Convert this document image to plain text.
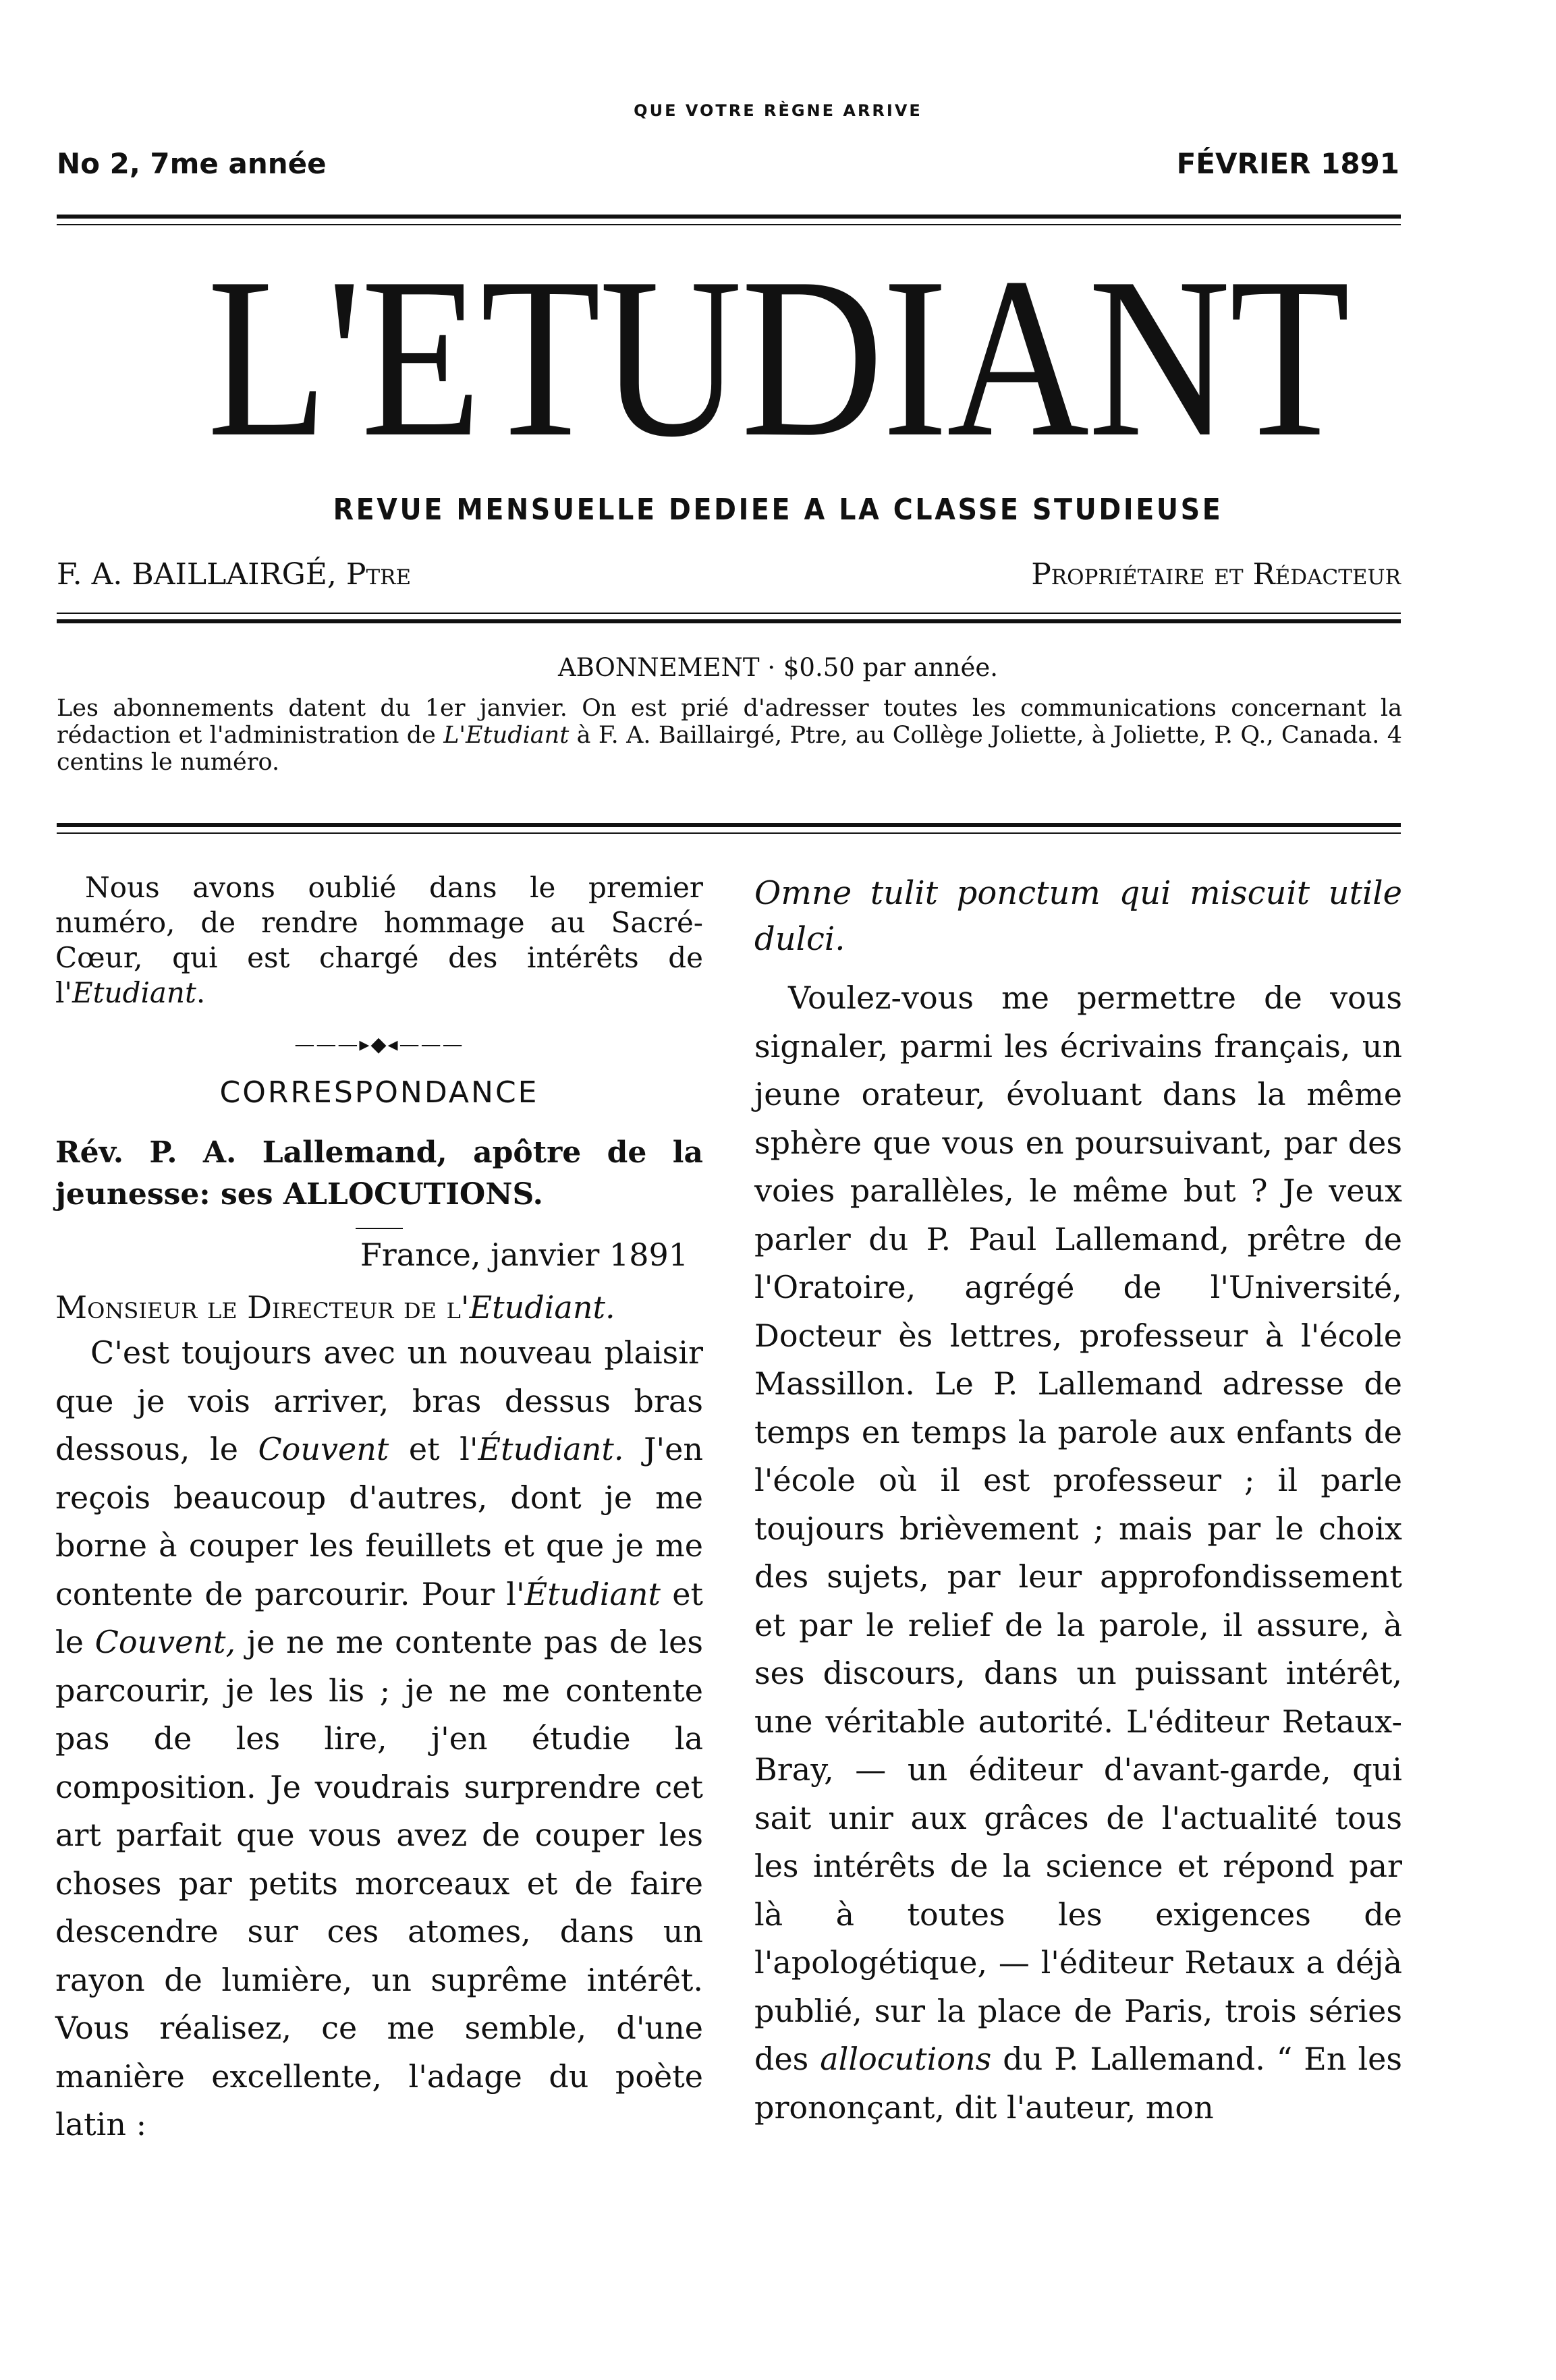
QUE VOTRE RÈGNE ARRIVE
No 2, 7me année	FÉVRIER 1891
L'ETUDIANT
REVUE MENSUELLE DEDIEE A LA CLASSE STUDIEUSE
F. A. BAILLAIRGÉ, Ptre	Propriétaire et Rédacteur
ABONNEMENT · $0.50 par année.
Les abonnements datent du 1er janvier. On est prié d'adresser toutes les communications concernant la rédaction et l'administration de L'Etudiant à F. A. Baillairgé, Ptre, au Collège Joliette, à Joliette, P. Q., Canada. 4 centins le numéro.

Nous avons oublié dans le premier numéro, de rendre hommage au Sacré-Cœur, qui est chargé des intérêts de l'Etudiant.

———▸◆◂———
CORRESPONDANCE

Rév. P. A. Lallemand, apôtre de la jeunesse: ses ALLOCUTIONS.

France, janvier 1891

Monsieur le Directeur de l'Etudiant.

C'est toujours avec un nouveau plaisir que je vois arriver, bras dessus bras dessous, le Couvent et l'Étudiant. J'en reçois beaucoup d'autres, dont je me borne à couper les feuillets et que je me contente de parcourir. Pour l'Étudiant et le Couvent, je ne me contente pas de les parcourir, je les lis ; je ne me contente pas de les lire, j'en étudie la composition. Je voudrais surprendre cet art parfait que vous avez de couper les choses par petits morceaux et de faire descendre sur ces atomes, dans un rayon de lumière, un suprême intérêt. Vous réalisez, ce me semble, d'une manière excellente, l'adage du poète latin :

Omne tulit ponctum qui miscuit utile dulci.

Voulez-vous me permettre de vous signaler, parmi les écrivains français, un jeune orateur, évoluant dans la même sphère que vous en poursuivant, par des voies parallèles, le même but ? Je veux parler du P. Paul Lallemand, prêtre de l'Oratoire, agrégé de l'Université, Docteur ès lettres, professeur à l'école Massillon. Le P. Lallemand adresse de temps en temps la parole aux enfants de l'école où il est professeur ; il parle toujours brièvement ; mais par le choix des sujets, par leur approfondissement et par le relief de la parole, il assure, à ses discours, dans un puissant intérêt, une véritable autorité. L'éditeur Retaux-Bray, — un éditeur d'avant-garde, qui sait unir aux grâces de l'actualité tous les intérêts de la science et répond par là à toutes les exigences de l'apologétique, — l'éditeur Retaux a déjà publié, sur la place de Paris, trois séries des allocutions du P. Lallemand. “ En les prononçant, dit l'auteur, mon
